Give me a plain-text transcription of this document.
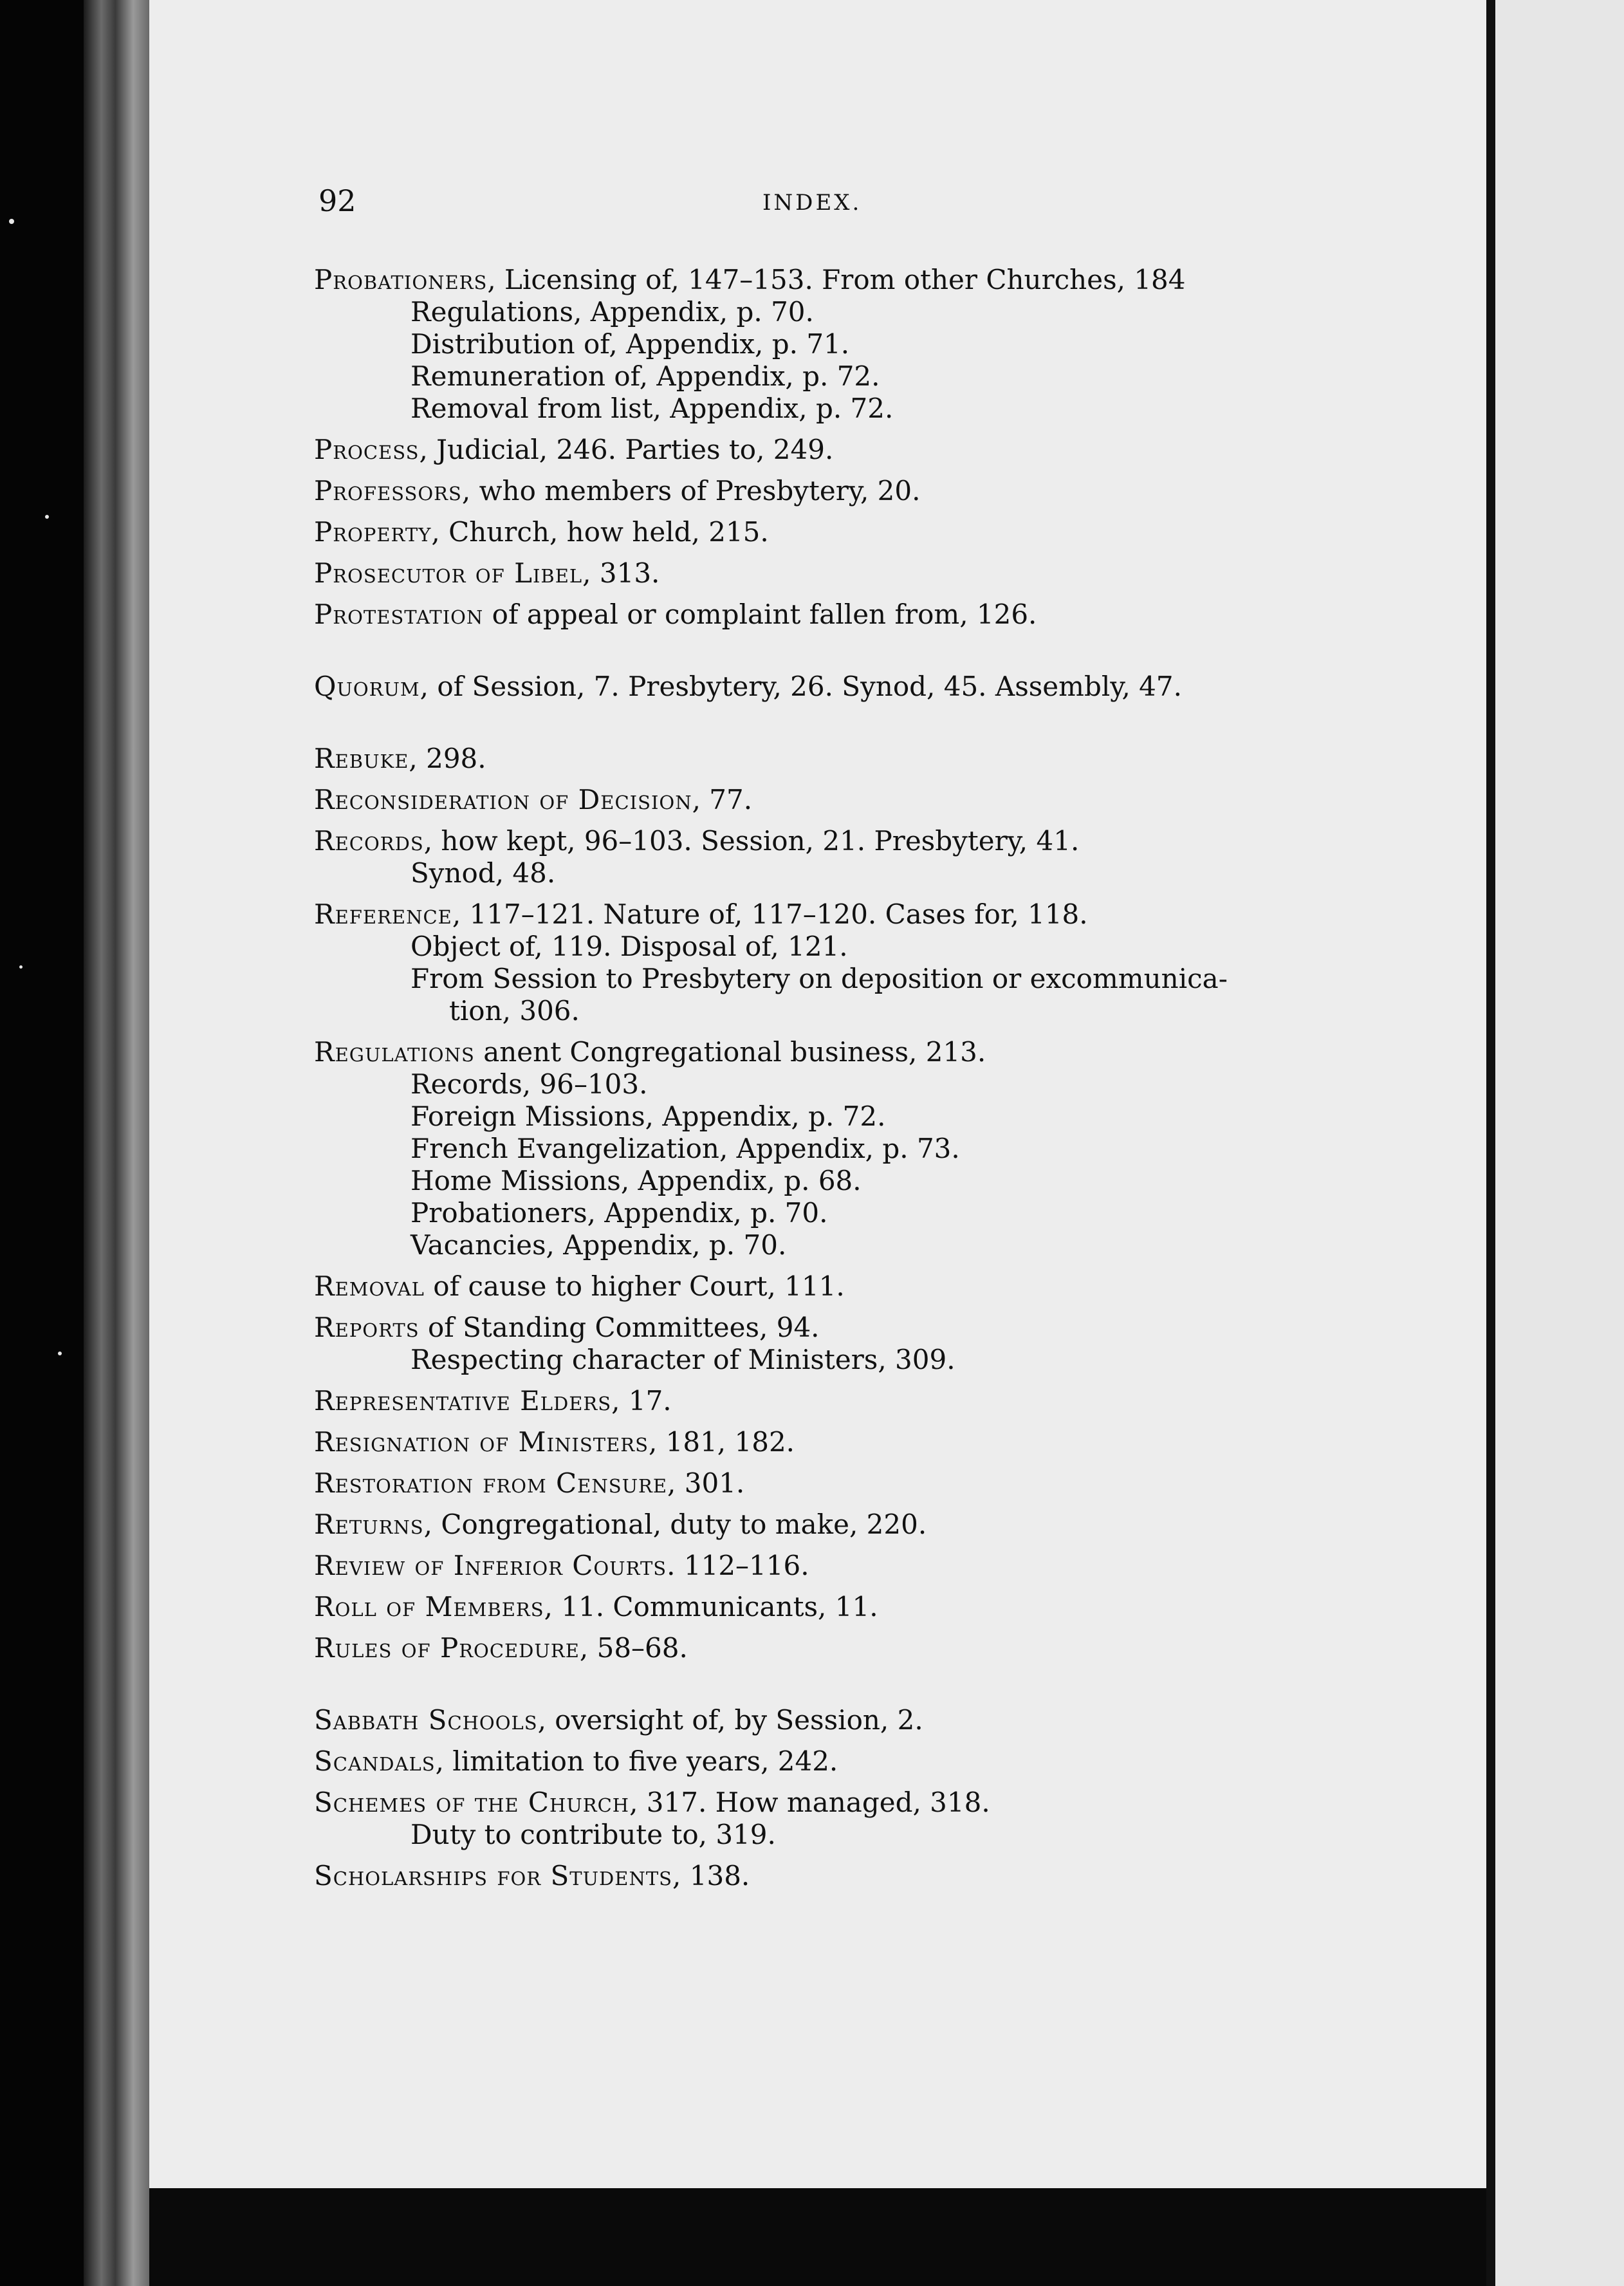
92	INDEX.
Probationers, Licensing of, 147–153. From other Churches, 184
Regulations, Appendix, p. 70.
Distribution of, Appendix, p. 71.
Remuneration of, Appendix, p. 72.
Removal from list, Appendix, p. 72.
Process, Judicial, 246. Parties to, 249.
Professors, who members of Presbytery, 20.
Property, Church, how held, 215.
Prosecutor of Libel, 313.
Protestation of appeal or complaint fallen from, 126.
Quorum, of Session, 7. Presbytery, 26. Synod, 45. Assembly, 47.
Rebuke, 298.
Reconsideration of Decision, 77.
Records, how kept, 96–103. Session, 21. Presbytery, 41.
Synod, 48.
Reference, 117–121. Nature of, 117–120. Cases for, 118.
Object of, 119. Disposal of, 121.
From Session to Presbytery on deposition or excommunica-
tion, 306.
Regulations anent Congregational business, 213.
Records, 96–103.
Foreign Missions, Appendix, p. 72.
French Evangelization, Appendix, p. 73.
Home Missions, Appendix, p. 68.
Probationers, Appendix, p. 70.
Vacancies, Appendix, p. 70.
Removal of cause to higher Court, 111.
Reports of Standing Committees, 94.
Respecting character of Ministers, 309.
Representative Elders, 17.
Resignation of Ministers, 181, 182.
Restoration from Censure, 301.
Returns, Congregational, duty to make, 220.
Review of Inferior Courts. 112–116.
Roll of Members, 11. Communicants, 11.
Rules of Procedure, 58–68.
Sabbath Schools, oversight of, by Session, 2.
Scandals, limitation to five years, 242.
Schemes of the Church, 317. How managed, 318.
Duty to contribute to, 319.
Scholarships for Students, 138.
